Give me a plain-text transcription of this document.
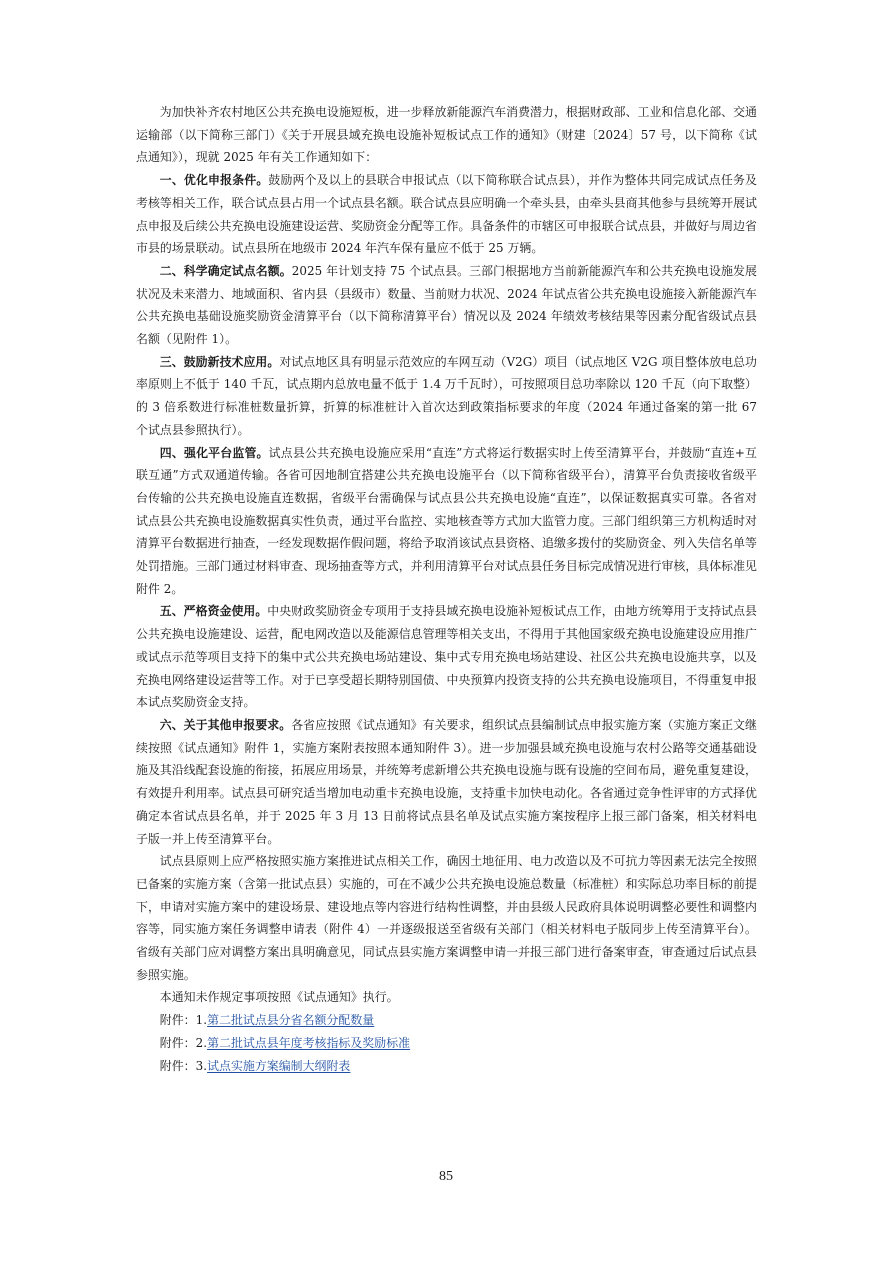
为加快补齐农村地区公共充换电设施短板，进一步释放新能源汽车消费潜力，根据财政部、工业和信息化部、交通运输部（以下简称三部门）《关于开展县域充换电设施补短板试点工作的通知》（财建〔2024〕57 号，以下简称《试点通知》），现就 2025 年有关工作通知如下：

一、优化申报条件。鼓励两个及以上的县联合申报试点（以下简称联合试点县），并作为整体共同完成试点任务及考核等相关工作，联合试点县占用一个试点县名额。联合试点县应明确一个牵头县，由牵头县商其他参与县统筹开展试点申报及后续公共充换电设施建设运营、奖励资金分配等工作。具备条件的市辖区可申报联合试点县，并做好与周边省市县的场景联动。试点县所在地级市 2024 年汽车保有量应不低于 25 万辆。

二、科学确定试点名额。2025 年计划支持 75 个试点县。三部门根据地方当前新能源汽车和公共充换电设施发展状况及未来潜力、地域面积、省内县（县级市）数量、当前财力状况、2024 年试点省公共充换电设施接入新能源汽车公共充换电基础设施奖励资金清算平台（以下简称清算平台）情况以及 2024 年绩效考核结果等因素分配省级试点县名额（见附件 1）。

三、鼓励新技术应用。对试点地区具有明显示范效应的车网互动（V2G）项目（试点地区 V2G 项目整体放电总功率原则上不低于 140 千瓦，试点期内总放电量不低于 1.4 万千瓦时），可按照项目总功率除以 120 千瓦（向下取整）的 3 倍系数进行标准桩数量折算，折算的标准桩计入首次达到政策指标要求的年度（2024 年通过备案的第一批 67 个试点县参照执行）。

四、强化平台监管。试点县公共充换电设施应采用“直连”方式将运行数据实时上传至清算平台，并鼓励“直连+互联互通”方式双通道传输。各省可因地制宜搭建公共充换电设施平台（以下简称省级平台），清算平台负责接收省级平台传输的公共充换电设施直连数据，省级平台需确保与试点县公共充换电设施“直连”，以保证数据真实可靠。各省对试点县公共充换电设施数据真实性负责，通过平台监控、实地核查等方式加大监管力度。三部门组织第三方机构适时对清算平台数据进行抽查，一经发现数据作假问题，将给予取消该试点县资格、追缴多拨付的奖励资金、列入失信名单等处罚措施。三部门通过材料审查、现场抽查等方式，并利用清算平台对试点县任务目标完成情况进行审核，具体标准见附件 2。

五、严格资金使用。中央财政奖励资金专项用于支持县域充换电设施补短板试点工作，由地方统筹用于支持试点县公共充换电设施建设、运营，配电网改造以及能源信息管理等相关支出，不得用于其他国家级充换电设施建设应用推广或试点示范等项目支持下的集中式公共充换电场站建设、集中式专用充换电场站建设、社区公共充换电设施共享，以及充换电网络建设运营等工作。对于已享受超长期特别国债、中央预算内投资支持的公共充换电设施项目，不得重复申报本试点奖励资金支持。

六、关于其他申报要求。各省应按照《试点通知》有关要求，组织试点县编制试点申报实施方案（实施方案正文继续按照《试点通知》附件 1，实施方案附表按照本通知附件 3）。进一步加强县域充换电设施与农村公路等交通基础设施及其沿线配套设施的衔接，拓展应用场景，并统筹考虑新增公共充换电设施与既有设施的空间布局，避免重复建设，有效提升利用率。试点县可研究适当增加电动重卡充换电设施，支持重卡加快电动化。各省通过竞争性评审的方式择优确定本省试点县名单，并于 2025 年 3 月 13 日前将试点县名单及试点实施方案按程序上报三部门备案，相关材料电子版一并上传至清算平台。

试点县原则上应严格按照实施方案推进试点相关工作，确因土地征用、电力改造以及不可抗力等因素无法完全按照已备案的实施方案（含第一批试点县）实施的，可在不减少公共充换电设施总数量（标准桩）和实际总功率目标的前提下，申请对实施方案中的建设场景、建设地点等内容进行结构性调整，并由县级人民政府具体说明调整必要性和调整内容等，同实施方案任务调整申请表（附件 4）一并逐级报送至省级有关部门（相关材料电子版同步上传至清算平台）。省级有关部门应对调整方案出具明确意见，同试点县实施方案调整申请一并报三部门进行备案审查，审查通过后试点县参照实施。

本通知未作规定事项按照《试点通知》执行。

附件：1.第二批试点县分省名额分配数量

附件：2.第二批试点县年度考核指标及奖励标准

附件：3.试点实施方案编制大纲附表

85
